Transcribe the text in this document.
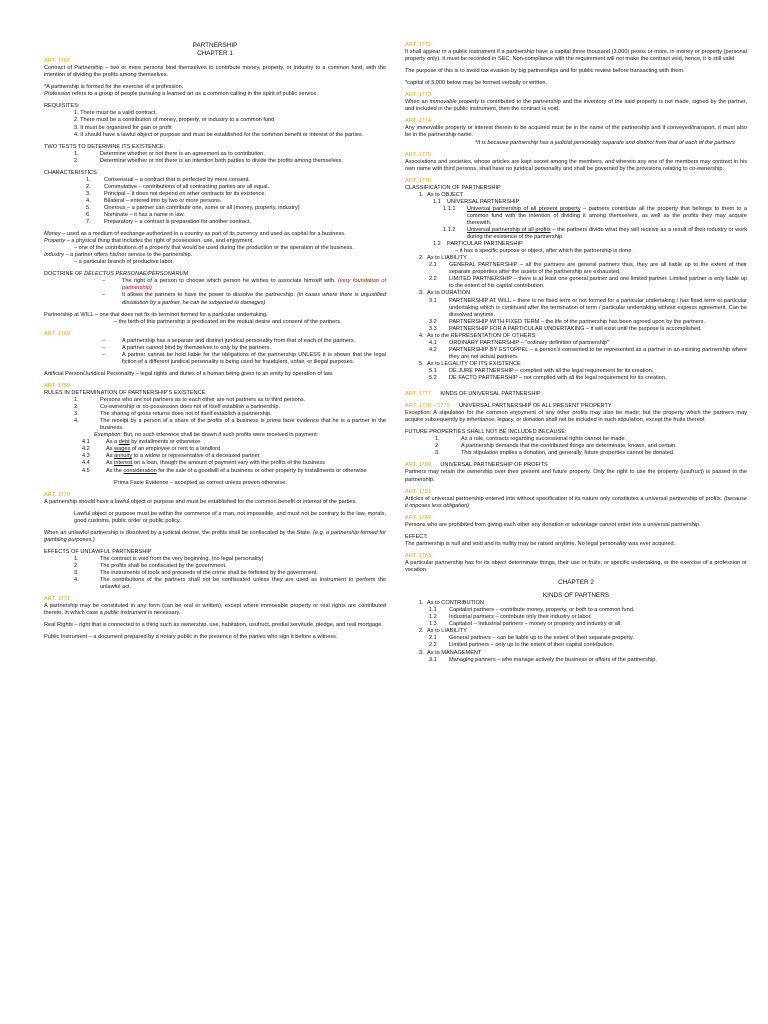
PARTNERSHIP
CHAPTER 1
ART. 1767
Contract of Partnership – two or more persons bind themselves to contribute money, property, or industry to a common fund, with the intention of dividing the profits among themselves.
*A partnership is formed for the exercise of a profession.
Profession refers to a group of people pursuing a learned art as a common calling in the spirit of public service.
REQUISITES:
1. There must be a valid contract.
2. There must be a contribution of money, property, or industry to a common fund
3. It must be organized for gain or profit
4. It should have a lawful object or purpose and must be established for the common benefit or interest of the parties.
TWO TESTS TO DETERMINE ITS EXISTENCE:
1.	Determine whether or not there is an agreement as to contribution.
2.	Determine whether or not there is an intention both parties to divide the profits among themselves.
CHARACTERISTICS
1.	Consensual – a contract that is perfected by mere consent.
2.	Commutative – contributions of all contracting parties are all equal.
3.	Principal – it does not depend on other contracts for its existence.
4.	Bilateral – entered into by two or more persons.
5.	Onerous – a partner can contribute one, some or all (money, property, industry)
6.	Nominate – it has a name in law.
7.	Preparatory – a contract is preparation for another contract.
Money – used as a medium of exchange authorized in a country as part of its currency and used as capital for a business.
Property – a physical thing that includes the right of possession, use, and enjoyment.
– one of the contributions of a property that would be used during the production or the operation of the business.
Industry – a partner offers his/her service to the partnership.
– a particular branch of productive labor.
DOCTRINE OF DELECTUS PERSONAE/PERSONARUM
–	The right of a person to choose which person he wishes to associate himself with. (very foundation of partnership)
–	It allows the partners to have the power to dissolve the partnership. (in cases where there is unjustified dissolution by a partner, he can be subjected to damages)
Partnership at WILL – one that does not fix its term/not formed for a particular undertaking.
– the birth of this partnership is predicated on the mutual desire and consent of the partners.
ART. 1768
–	A partnership has a separate and distinct juridical personality from that of each of the partners.
–	A partner cannot bind by themselves to only by the partners.
–	A partner cannot be held liable for the obligations of the partnership UNLESS it is shown that the legal fiction of a different juridical personality is being used for fraudulent, unfair, or illegal purposes.
Artificial Person/Juridical Personality – legal rights and duties of a human being given to an entity by operation of law.
ART. 1769
RULES IN DETERMINATION OF PARTNERSHIP'S EXISTENCE
1.	Persons who are not partners as to each other are not partners as to third persons.
2.	Co-ownership or co-possession does not of itself establish a partnership.
3.	The sharing of gross returns does not of itself establish a partnership.
4.	The receipt by a person of a share of the profits of a business is prima facie evidence that he is a partner in the business.
Exemption: But, no such inference shall be drawn if such profits were received in payment:
4.1	As a debt by installments or otherwise
4.2	As wages of an employee or rent to a landlord
4.3	As annuity to a widow or representative of a deceased partner
4.4	As interest on a loan, though the amount of payment vary with the profits of the business
4.5	As the consideration for the sale of a goodwill of a business or other property by installments or otherwise
Prima Facie Evidence – accepted as correct unless proven otherwise.
ART. 1770
A partnership should have a lawful object or purpose and must be established for the common benefit or interest of the parties.
Lawful object or purpose must be within the commerce of a man, not impossible, and must not be contrary to the law, morals, good customs, public order or public policy.
When an unlawful partnership is dissolved by a judicial decree, the profits shall be confiscated by the State. (e.g. a partnership formed for gambling purposes.)
EFFECTS OF UNLAWFUL PARTNERSHIP
1.	The contract is void from the very beginning. (no legal personality)
2.	The profits shall be confiscated by the government.
3.	The instruments of tools and proceeds of the crime shall be forfeited by the government.
4.	The contributions of the partners shall not be confiscated unless they are used as instrument to perform the unlawful act.
ART. 1771
A partnership may be constituted in any form (can be oral or written), except where immovable property or real rights are contributed thereto, in which case a public instrument is necessary.
Real Rights – right that is connected to a thing such as ownership, use, habitation, usufruct, predial servitude, pledge, and real mortgage.
Public Instrument – a document prepared by a notary public in the presence of the parties who sign it before a witness.
ART. 1772
It shall appear in a public instrument if a partnership have a capital three thousand (3,000) pesos or more, in money or property (personal property only). It must be recorded in SEC. Non-compliance with the requirement will not make the contract void, hence, it is still valid.
The purpose of this is to avoid tax evasion by big partnerships and for public review before transacting with them.
*capital of 3,000 below may be formed verbally or written.
ART. 1773
When an immovable property is contributed to the partnership and the inventory of the said property is not made, signed by the partner, and included in the public instrument, then the contract is void.
ART. 1774
Any immovable property or interest therein to be acquired must be in the name of the partnership and if conveyed/transport, it must also be in the partnership name.
*It is because partnership has a judicial personality separate and distinct from that of each of the partners
ART. 1775
Associations and societies, whose articles are kept secret among the members, and wherein any one of the members may contract in his own name with third persons, shall have no juridical personality and shall be governed by the provisions relating to co-ownership.
ART. 1776
CLASSIFICATION OF PARTNERSHIP
1. As to OBJECT
1.1	UNIVERSAL PARTNERSHIP
1.1.1	Universal partnership of all present property – partners contribute all the property that belongs to them to a common fund with the intention of dividing it among themselves, as well as the profits they may acquire therewith.
1.1.2	Universal partnership of all profits – the partners divide what they will receive as a result of their industry or work during the existence of the partnership.
1.2	PARTICULAR PARTNERSHIP
– it has a specific purpose or object, after which the partnership is done.
2. As to LIABILITY
2.1	GENERAL PARTNERSHIP – all the partners are general partners thus, they are all liable up to the extent of their separate properties after the assets of the partnership are exhausted.
2.2	LIMITED PARTNERSHIP – there is at least one general partner and one limited partner. Limited partner is only liable up to the extent of his capital contribution.
3. As to DURATION
3.1	PARTNERSHIP AT WILL – there is no fixed term or not formed for a particular undertaking / has fixed term or particular undertaking which is continued after the termination of term / particular undertaking without express agreement. Can be dissolved anytime.
3.2	PARTNERSHIP WITH FIXED TERM – the life of the partnership has been agreed upon by the partners.
3.3	PARTNERSHIP FOR A PARTICULAR UNDERTAKING – it will exist until the purpose is accomplished.
4. As to the REPRESENTATION OF OTHERS
4.1	ORDINARY PARTNERSHIP – "ordinary definition of partnership"
4.2	PARTNERSHIP BY ESTOPPEL – a person's consented to be represented as a partner in an existing partnership where they are not actual partners.
5. As to LEGALITY OF ITS EXISTENCE
5.1	DE JURE PARTNERSHIP – complied with all the legal requirement for its creation.
5.2	DE FACTO PARTNERSHIP – not complied with all the legal requirement for its creation.
ART. 1777 KINDS OF UNIVERSAL PARTNERSHIP
ART. 1778 – 1779 UNIVERSAL PARTNERSHIP OF ALL PRESENT PROPERTY
Exception: A stipulation for the common enjoyment of any other profits may also be made; but the property which the partners may acquire subsequently by inheritance, legacy, or donation shall not be included in such stipulation, except the fruits thereof.
FUTURE PROPERTIES SHALL NOT BE INCLUDED BECAUSE:
1.	As a rule, contracts regarding successional rights cannot be made.
2.	A partnership demands that the contributed things are determinate, known, and certain.
3.	This stipulation implies a donation, and generally, future properties cannot be donated.
ART. 1780 UNIVERSAL PARTNERSHIP OF PROFITS
Partners may retain the ownership over their present and future property. Only the right to use the property (usufruct) is passed to the partnership.
ART. 1781
Articles of universal partnership entered into without specification of its nature only constitutes a universal partnership of profits. (because it imposes less obligation)
ART. 1782
Persons who are prohibited from giving each other any donation or advantage cannot enter into a universal partnership.
EFFECT:
The partnership is null and void and its nullity may be raised anytime. No legal personality was ever acquired.
ART. 1783
A particular partnership has for its object determinate things, their use or fruits, or specific undertaking, or the exercise of a profession or vocation.
CHAPTER 2
KINDS OF PARTNERS
1. As to CONTRIBUTION
1.1	Capitalist partners – contribute money, property, or both to a common fund.
1.2	Industrial partners – contribute only their industry or labor.
1.3	Capitalist – Industrial partners – money or property and industry or all.
2. As to LIABILITY
2.1	General partners – can be liable up to the extent of their separate property.
2.2	Limited partners – only up to the extent of their capital contribution.
3. As to MANAGEMENT
3.1	Managing partners – who manage actively the business or affairs of the partnership.
